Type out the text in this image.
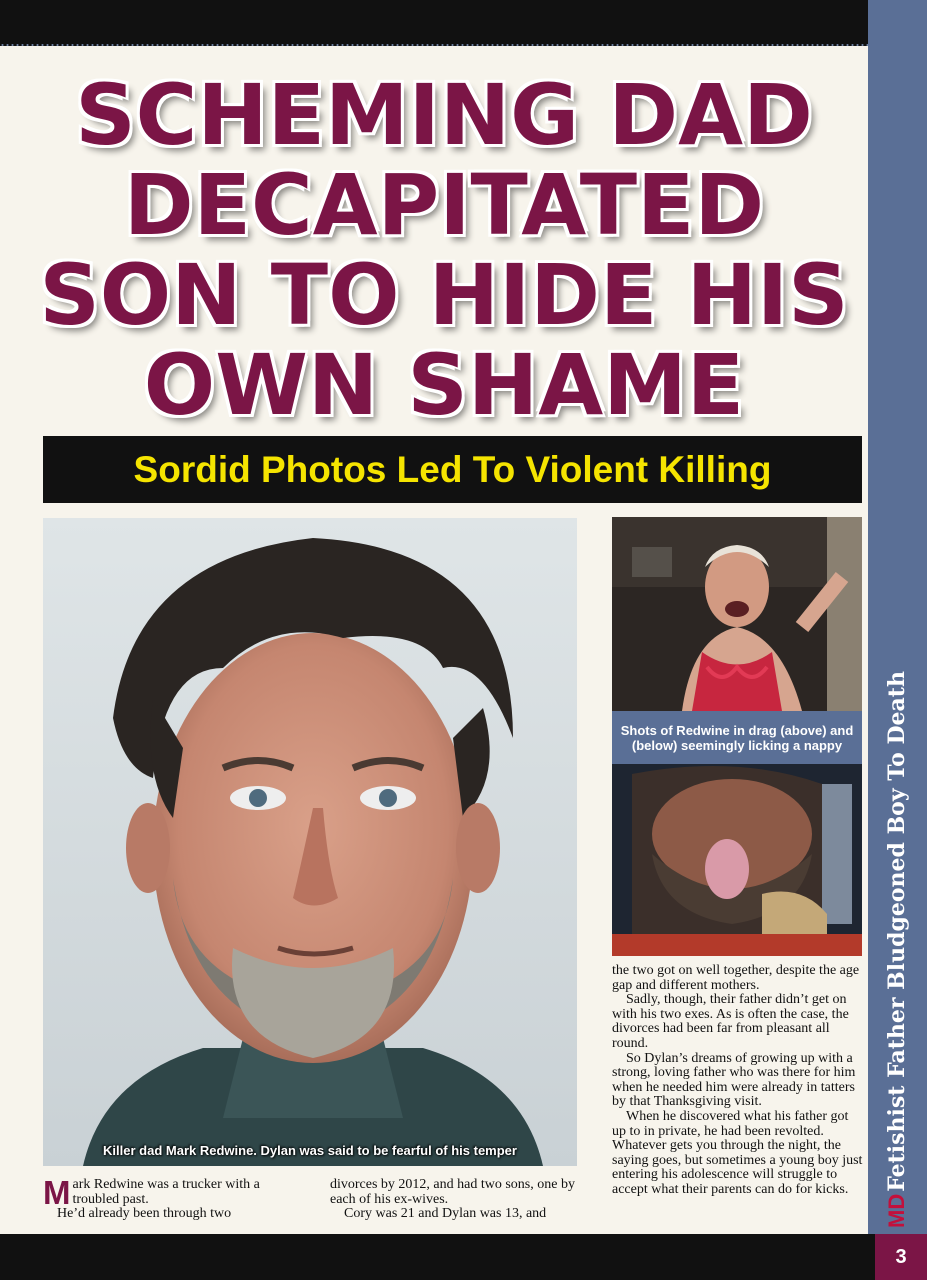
MD
Fetishist Father Bludgeoned Boy To Death
SCHEMING DAD
DECAPITATED
SON TO HIDE HIS
OWN SHAME
Sordid Photos Led To Violent Killing
Killer dad Mark Redwine. Dylan was said to be fearful of his temper
Shots of Redwine in drag (above) and (below) seemingly licking a nappy

Mark Redwine was a trucker with a troubled past.

He’d already been through two

divorces by 2012, and had two sons, one by each of his ex-wives.

Cory was 21 and Dylan was 13, and

the two got on well together, despite the age gap and different mothers.

Sadly, though, their father didn’t get on with his two exes. As is often the case, the divorces had been far from pleasant all round.

So Dylan’s dreams of growing up with a strong, loving father who was there for him when he needed him were already in tatters by that Thanksgiving visit.

When he discovered what his father got up to in private, he had been revolted. Whatever gets you through the night, the saying goes, but sometimes a young boy just entering his adolescence will struggle to accept what their parents can do for kicks.

3
